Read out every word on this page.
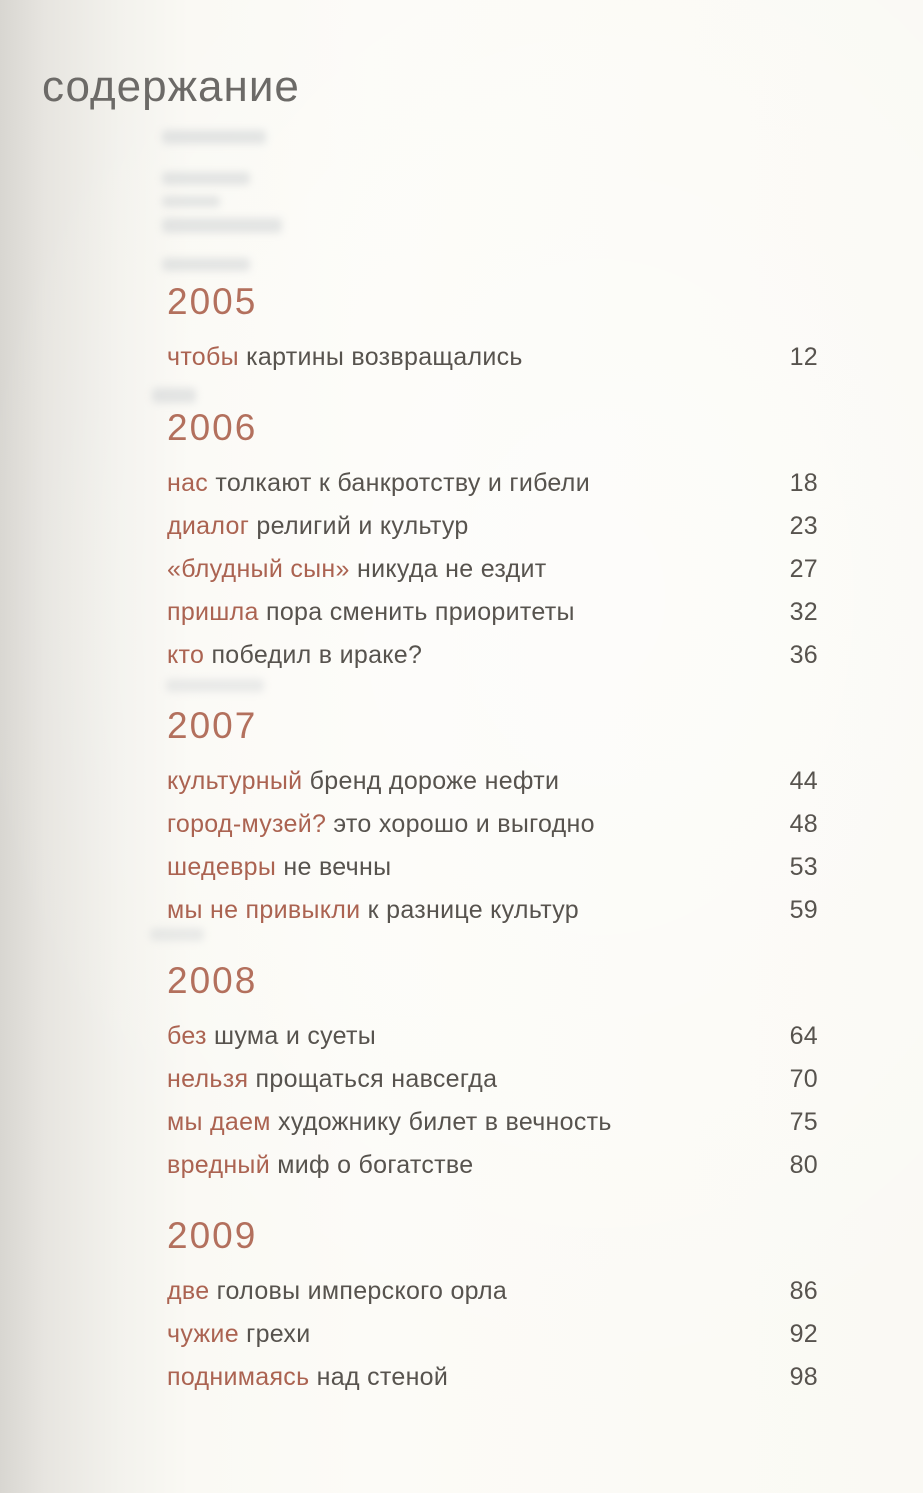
содержание
2005
чтобы картины возвращались	12
2006
нас толкают к банкротству и гибели	18
диалог религий и культур	23
«блудный сын» никуда не ездит	27
пришла пора сменить приоритеты	32
кто победил в ираке?	36
2007
культурный бренд дороже нефти	44
город-музей? это хорошо и выгодно	48
шедевры не вечны	53
мы не привыкли к разнице культур	59
2008
без шума и суеты	64
нельзя прощаться навсегда	70
мы даем художнику билет в вечность	75
вредный миф о богатстве	80
2009
две головы имперского орла	86
чужие грехи	92
поднимаясь над стеной	98
